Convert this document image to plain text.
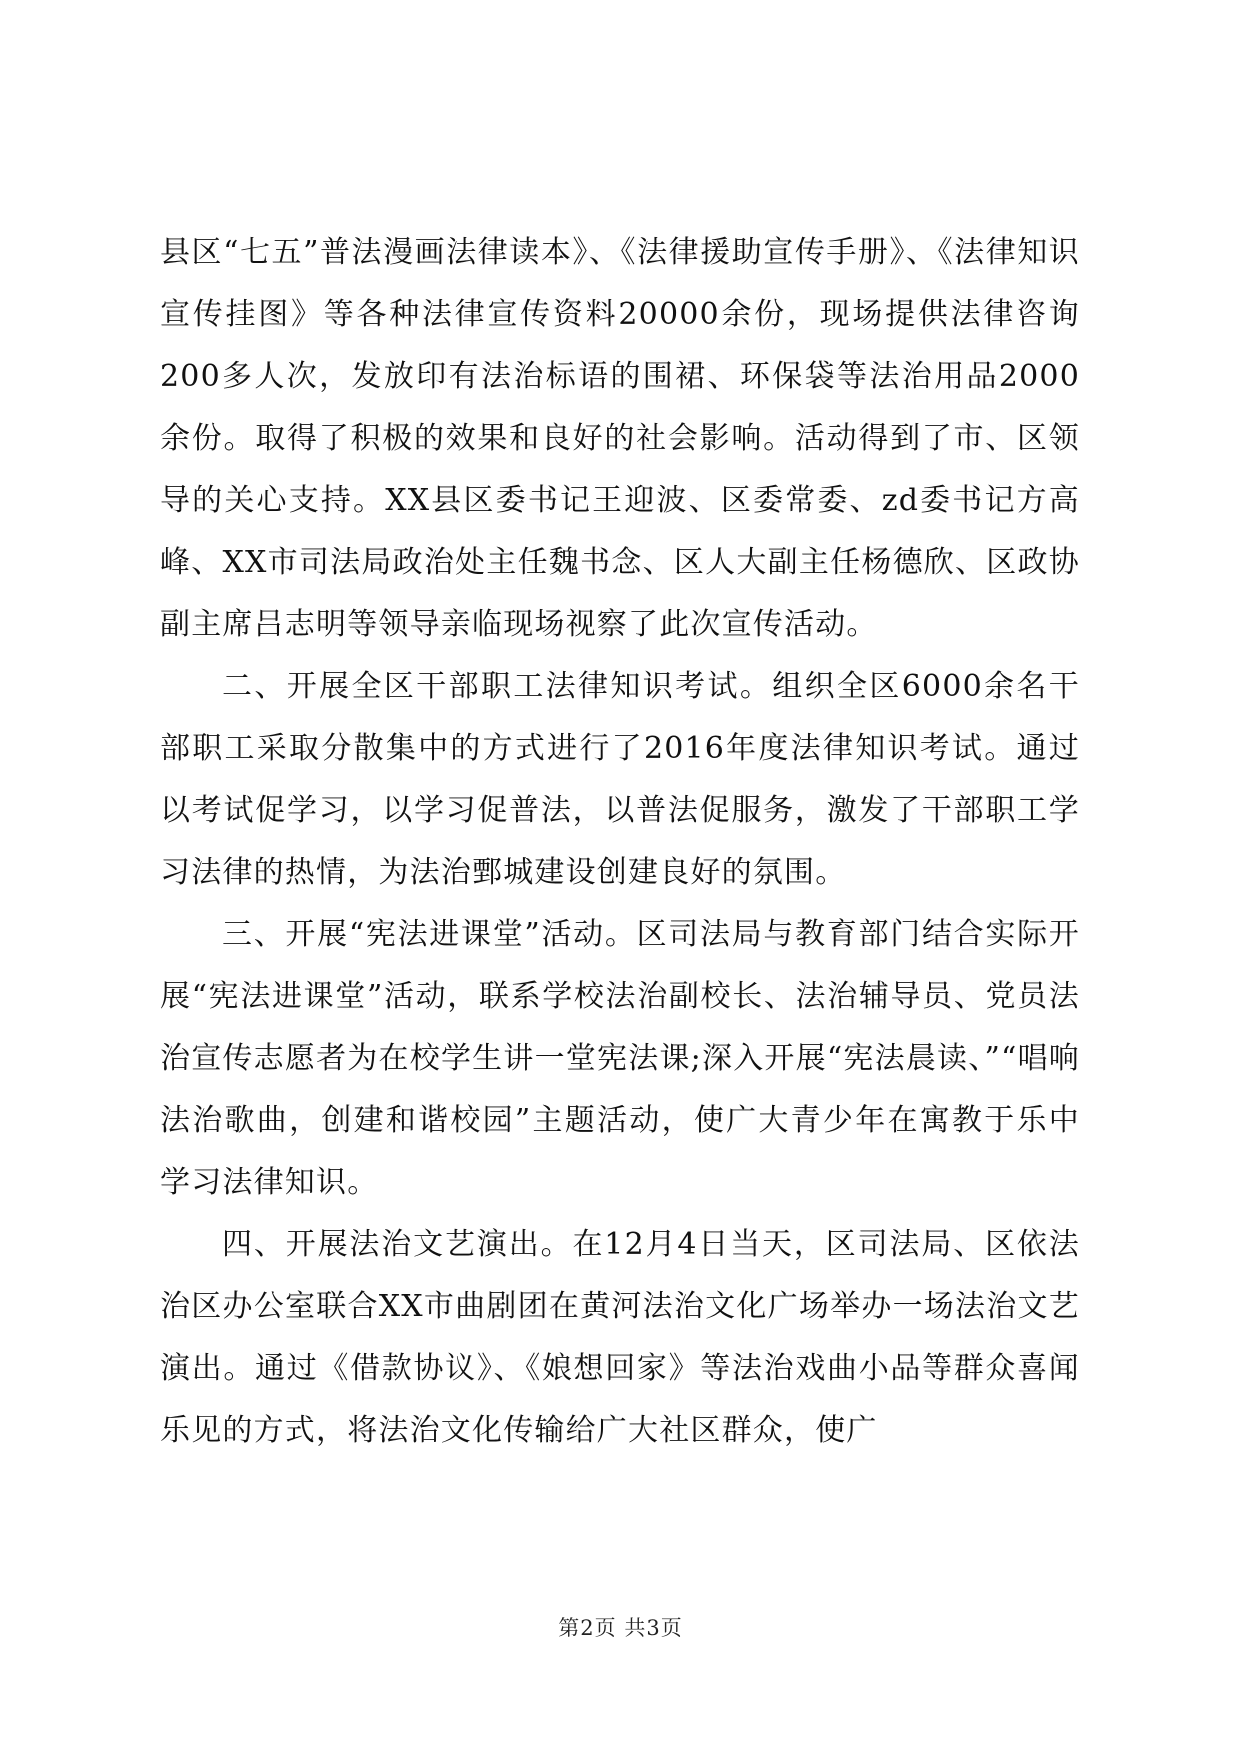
县区“七五”普法漫画法律读本》、《法律援助宣传手册》、《法律知识宣传挂图》等各种法律宣传资料20000余份，现场提供法律咨询200多人次，发放印有法治标语的围裙、环保袋等法治用品2000余份。取得了积极的效果和良好的社会影响。活动得到了市、区领导的关心支持。XX县区委书记王迎波、区委常委、zd委书记方高峰、XX市司法局政治处主任魏书念、区人大副主任杨德欣、区政协副主席吕志明等领导亲临现场视察了此次宣传活动。

二、开展全区干部职工法律知识考试。组织全区6000余名干部职工采取分散集中的方式进行了2016年度法律知识考试。通过以考试促学习，以学习促普法，以普法促服务，激发了干部职工学习法律的热情，为法治鄄城建设创建良好的氛围。

三、开展“宪法进课堂”活动。区司法局与教育部门结合实际开展“宪法进课堂”活动，联系学校法治副校长、法治辅导员、党员法治宣传志愿者为在校学生讲一堂宪法课;深入开展“宪法晨读、”“唱响法治歌曲，创建和谐校园”主题活动，使广大青少年在寓教于乐中学习法律知识。

四、开展法治文艺演出。在12月4日当天，区司法局、区依法治区办公室联合XX市曲剧团在黄河法治文化广场举办一场法治文艺演出。通过《借款协议》、《娘想回家》等法治戏曲小品等群众喜闻乐见的方式，将法治文化传输给广大社区群众，使广

第2页 共3页
